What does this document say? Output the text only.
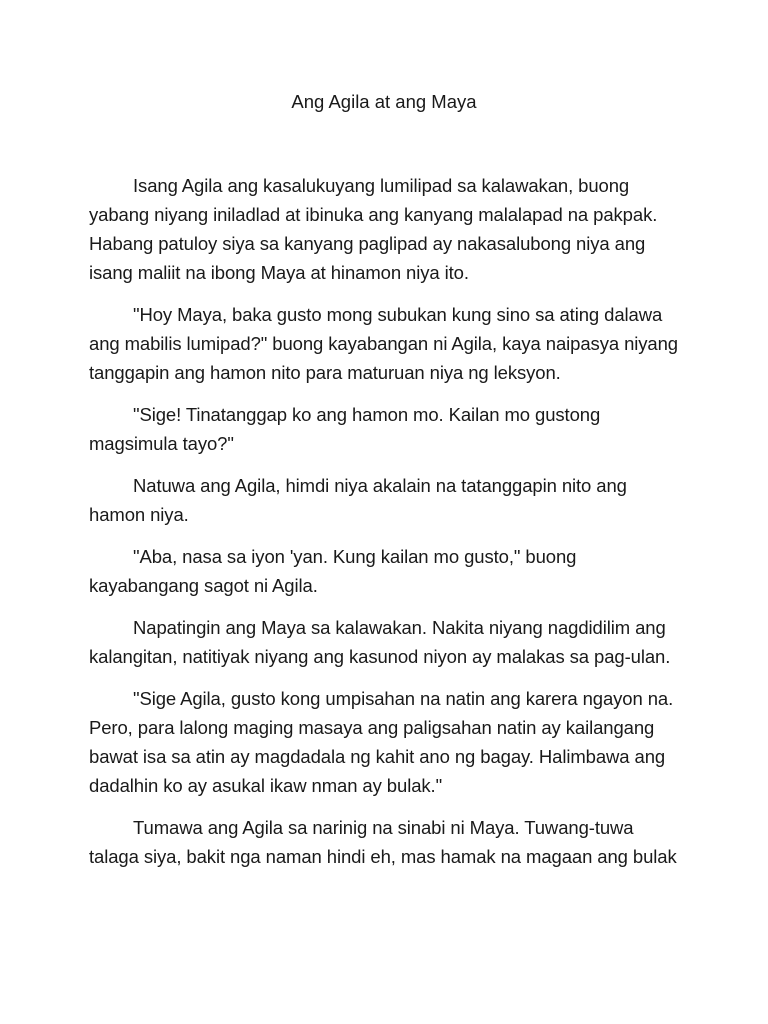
Ang Agila at ang Maya

Isang Agila ang kasalukuyang lumilipad sa kalawakan, buong
yabang niyang iniladlad at ibinuka ang kanyang malalapad na pakpak.
Habang patuloy siya sa kanyang paglipad ay nakasalubong niya ang
isang maliit na ibong Maya at hinamon niya ito.

"Hoy Maya, baka gusto mong subukan kung sino sa ating dalawa
ang mabilis lumipad?" buong kayabangan ni Agila, kaya naipasya niyang
tanggapin ang hamon nito para maturuan niya ng leksyon.

"Sige! Tinatanggap ko ang hamon mo. Kailan mo gustong
magsimula tayo?"

Natuwa ang Agila, himdi niya akalain na tatanggapin nito ang
hamon niya.

"Aba, nasa sa iyon 'yan. Kung kailan mo gusto," buong
kayabangang sagot ni Agila.

Napatingin ang Maya sa kalawakan. Nakita niyang nagdidilim ang
kalangitan, natitiyak niyang ang kasunod niyon ay malakas sa pag-ulan.

"Sige Agila, gusto kong umpisahan na natin ang karera ngayon na.
Pero, para lalong maging masaya ang paligsahan natin ay kailangang
bawat isa sa atin ay magdadala ng kahit ano ng bagay. Halimbawa ang
dadalhin ko ay asukal ikaw nman ay bulak."

Tumawa ang Agila sa narinig na sinabi ni Maya. Tuwang-tuwa
talaga siya, bakit nga naman hindi eh, mas hamak na magaan ang bulak
